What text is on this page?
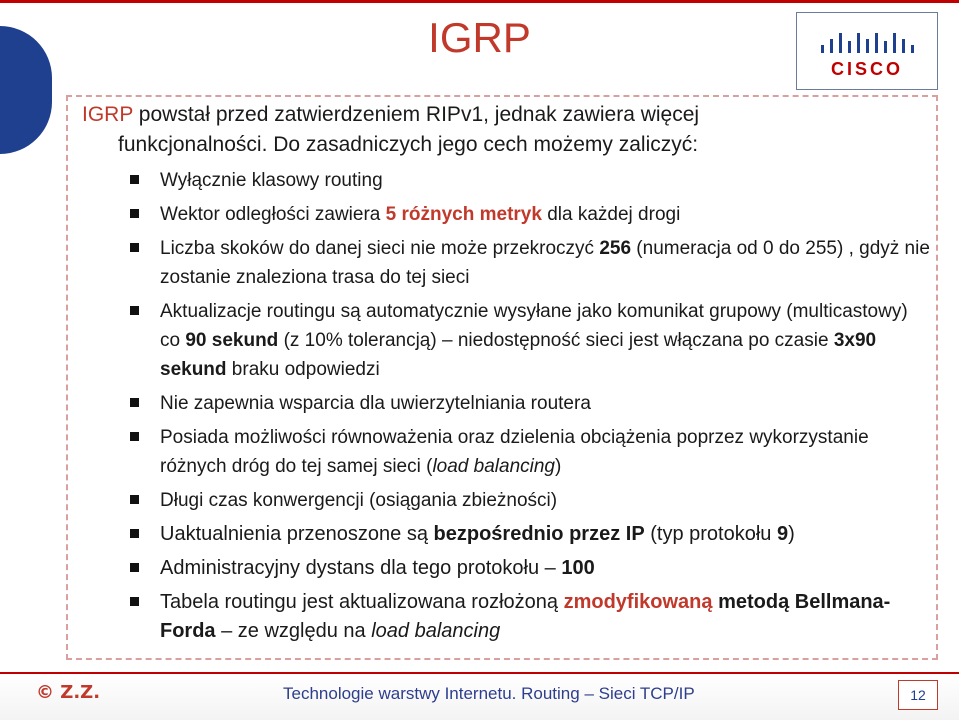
IGRP
CISCO

IGRP powstał przed zatwierdzeniem RIPv1, jednak zawiera więcej
funkcjonalności. Do zasadniczych jego cech możemy zaliczyć:

Wyłącznie klasowy routing
Wektor odległości zawiera 5 różnych metryk dla każdej drogi
Liczba skoków do danej sieci nie może przekroczyć 256 (numeracja od 0 do 255) , gdyż nie zostanie znaleziona trasa do tej sieci
Aktualizacje routingu są automatycznie wysyłane jako komunikat grupowy (multicastowy) co 90 sekund (z 10% tolerancją) – niedostępność sieci jest włączana po czasie 3x90 sekund braku odpowiedzi
Nie zapewnia wsparcia dla uwierzytelniania routera
Posiada możliwości równoważenia oraz dzielenia obciążenia poprzez wykorzystanie różnych dróg do tej samej sieci (load balancing)
Długi czas konwergencji (osiągania zbieżności)
Uaktualnienia przenoszone są bezpośrednio przez IP (typ protokołu 9)
Administracyjny dystans dla tego protokołu – 100
Tabela routingu jest aktualizowana rozłożoną zmodyfikowaną metodą Bellmana-Forda – ze względu na load balancing
© Z.Z.	Technologie warstwy Internetu. Routing – Sieci TCP/IP	12
